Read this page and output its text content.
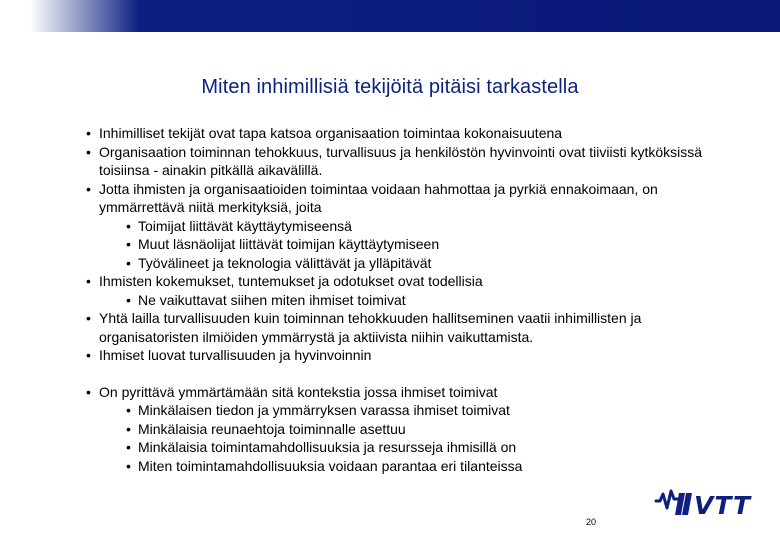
Miten inhimillisiä tekijöitä pitäisi tarkastella
• Inhimilliset tekijät ovat tapa katsoa organisaation toimintaa kokonaisuutena
• Organisaation toiminnan tehokkuus, turvallisuus ja henkilöstön hyvinvointi ovat tiiviisti kytköksissä toisiinsa - ainakin pitkällä aikavälillä.
• Jotta ihmisten ja organisaatioiden toimintaa voidaan hahmottaa ja pyrkiä ennakoimaan, on ymmärrettävä niitä merkityksiä, joita
• Toimijat liittävät käyttäytymiseensä
• Muut läsnäolijat liittävät toimijan käyttäytymiseen
• Työvälineet ja teknologia välittävät ja ylläpitävät
• Ihmisten kokemukset, tuntemukset ja odotukset ovat todellisia
• Ne vaikuttavat siihen miten ihmiset toimivat
• Yhtä lailla turvallisuuden kuin toiminnan tehokkuuden hallitseminen vaatii inhimillisten ja organisatoristen ilmiöiden ymmärrystä ja aktiivista niihin vaikuttamista.
• Ihmiset luovat turvallisuuden ja hyvinvoinnin
• On pyrittävä ymmärtämään sitä kontekstia jossa ihmiset toimivat
• Minkälaisen tiedon ja ymmärryksen varassa ihmiset toimivat
• Minkälaisia reunaehtoja toiminnalle asettuu
• Minkälaisia toimintamahdollisuuksia ja resursseja ihmisillä on
• Miten toimintamahdollisuuksia voidaan parantaa eri tilanteissa
20
VTT
